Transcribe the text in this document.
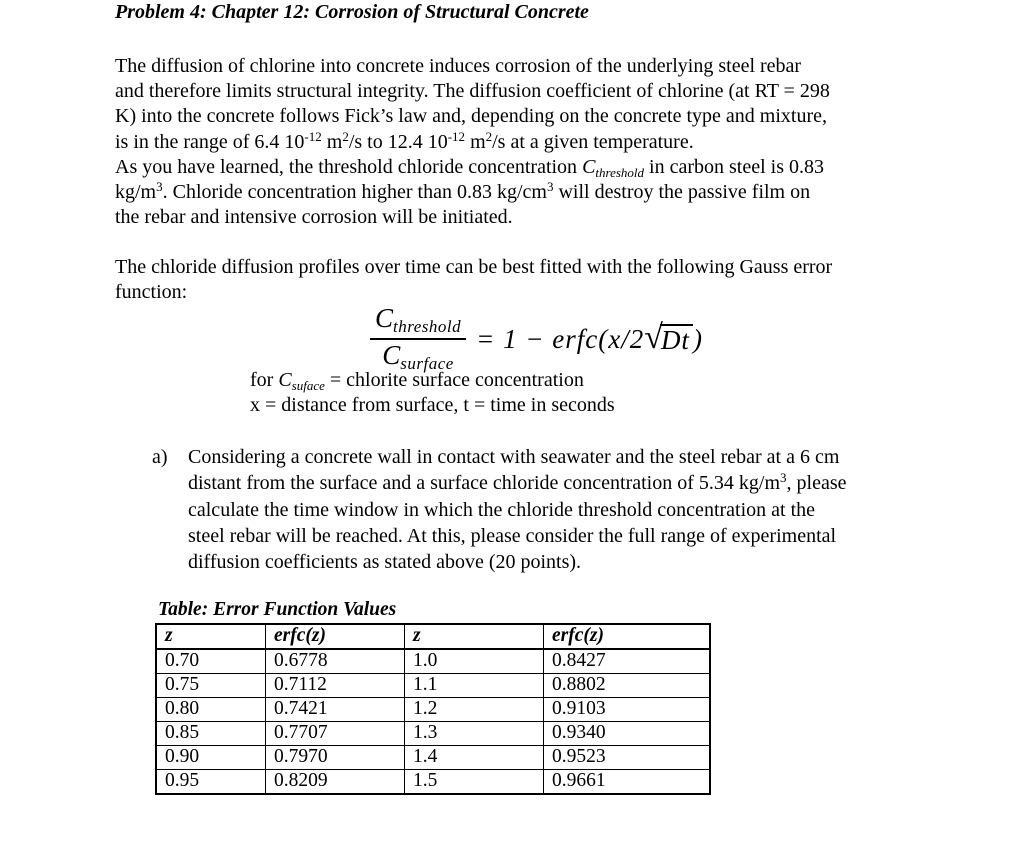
Problem 4: Chapter 12: Corrosion of Structural Concrete
The diffusion of chlorine into concrete induces corrosion of the underlying steel rebar
and therefore limits structural integrity. The diffusion coefficient of chlorine (at RT = 298
K) into the concrete follows Fick’s law and, depending on the concrete type and mixture,
is in the range of 6.4 $10^{-12}$ $m^2/s$ to 12.4 $10^{-12}$ $m^2/s$ at a given temperature.
As you have learned, the threshold chloride concentration $C_{threshold}$ in carbon steel is 0.83
$kg/m^3$. Chloride concentration higher than 0.83 $kg/cm^3$ will destroy the passive film on
the rebar and intensive corrosion will be initiated.
The chloride diffusion profiles over time can be best fitted with the following Gauss error
function:
$\frac{\text{Cthreshold}}{\text{Csurface}} = 1$ − erfc(x/2 √ Dt )
for $C_{suface}$ = chlorite surface concentration
x = distance from surface, t = time in seconds
a)	Considering a concrete wall in contact with seawater and the steel rebar at a 6 cm
distant from the surface and a surface chloride concentration of 5.34 $kg/m^3$, please
calculate the time window in which the chloride threshold concentration at the
steel rebar will be reached. At this, please consider the full range of experimental
diffusion coefficients as stated above (20 points).
Table: Error Function Values
z	erfc(z)	z	erfc(z)
0.70	0.6778	1.0	0.8427
0.75	0.7112	1.1	0.8802
0.80	0.7421	1.2	0.9103
0.85	0.7707	1.3	0.9340
0.90	0.7970	1.4	0.9523
0.95	0.8209	1.5	0.9661
